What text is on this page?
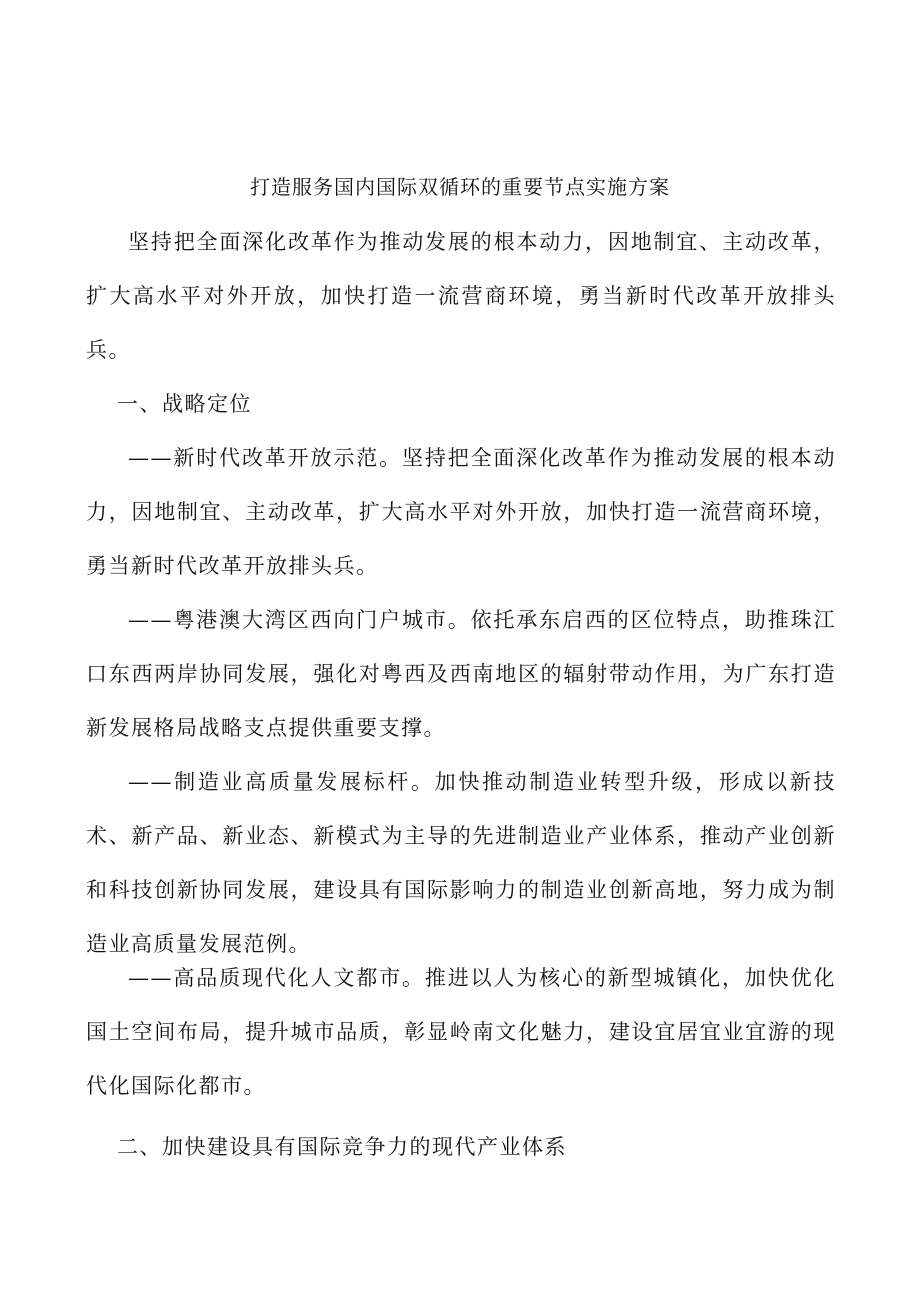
打造服务国内国际双循环的重要节点实施方案

坚持把全面深化改革作为推动发展的根本动力，因地制宜、主动改革，扩大高水平对外开放，加快打造一流营商环境，勇当新时代改革开放排头兵。

一、战略定位

——新时代改革开放示范。坚持把全面深化改革作为推动发展的根本动力，因地制宜、主动改革，扩大高水平对外开放，加快打造一流营商环境，勇当新时代改革开放排头兵。

——粤港澳大湾区西向门户城市。依托承东启西的区位特点，助推珠江口东西两岸协同发展，强化对粤西及西南地区的辐射带动作用，为广东打造新发展格局战略支点提供重要支撑。

——制造业高质量发展标杆。加快推动制造业转型升级，形成以新技术、新产品、新业态、新模式为主导的先进制造业产业体系，推动产业创新和科技创新协同发展，建设具有国际影响力的制造业创新高地，努力成为制造业高质量发展范例。

——高品质现代化人文都市。推进以人为核心的新型城镇化，加快优化国土空间布局，提升城市品质，彰显岭南文化魅力，建设宜居宜业宜游的现代化国际化都市。

二、加快建设具有国际竞争力的现代产业体系
